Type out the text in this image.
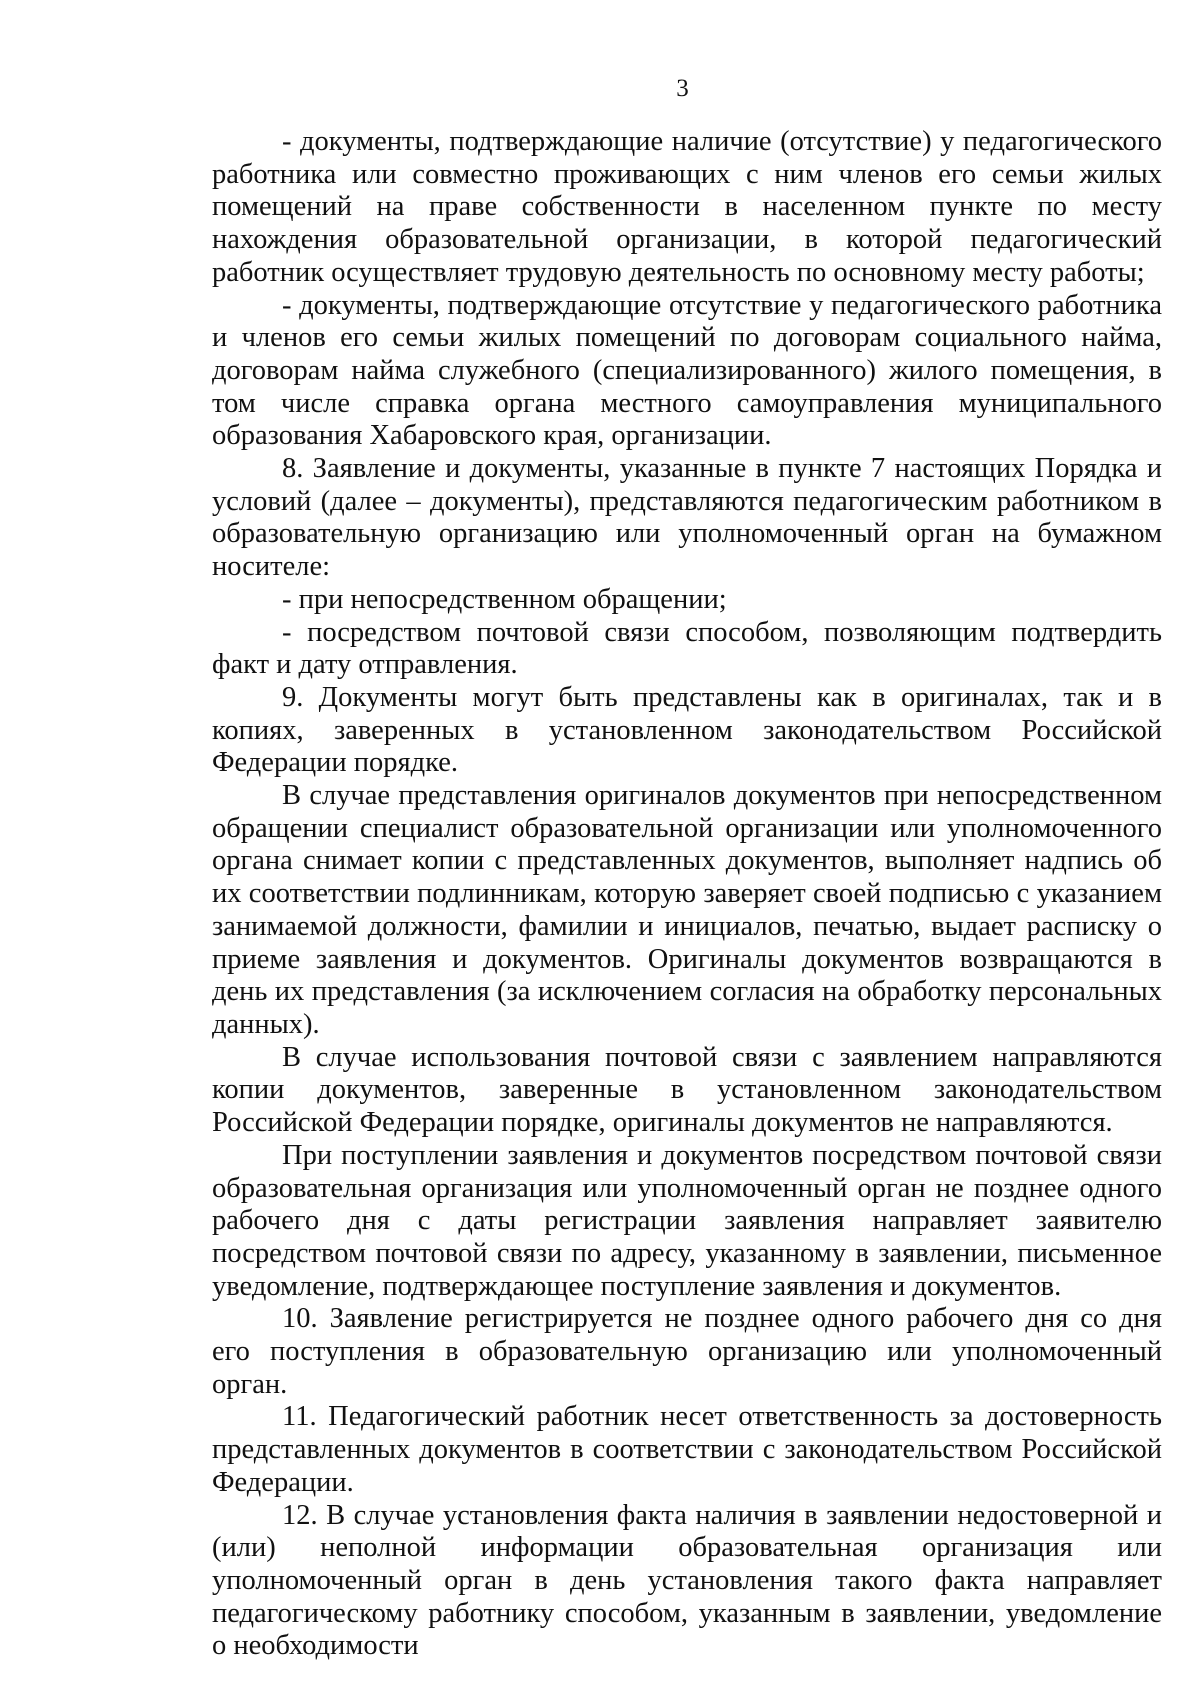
3

- документы, подтверждающие наличие (отсутствие) у педагогического работника или совместно проживающих с ним членов его семьи жилых помещений на праве собственности в населенном пункте по месту нахождения образовательной организации, в которой педагогический работник осуществляет трудовую деятельность по основному месту работы;

- документы, подтверждающие отсутствие у педагогического работника и членов его семьи жилых помещений по договорам социального найма, договорам найма служебного (специализированного) жилого помещения, в том числе справка органа местного самоуправления муниципального образования Хабаровского края, организации.

8. Заявление и документы, указанные в пункте 7 настоящих Порядка и условий (далее – документы), представляются педагогическим работником в образовательную организацию или уполномоченный орган на бумажном носителе:

- при непосредственном обращении;

- посредством почтовой связи способом, позволяющим подтвердить факт и дату отправления.

9. Документы могут быть представлены как в оригиналах, так и в копиях, заверенных в установленном законодательством Российской Федерации порядке.

В случае представления оригиналов документов при непосредственном обращении специалист образовательной организации или уполномоченного органа снимает копии с представленных документов, выполняет надпись об их соответствии подлинникам, которую заверяет своей подписью с указанием занимаемой должности, фамилии и инициалов, печатью, выдает расписку о приеме заявления и документов. Оригиналы документов возвращаются в день их представления (за исключением согласия на обработку персональных данных).

В случае использования почтовой связи с заявлением направляются копии документов, заверенные в установленном законодательством Российской Федерации порядке, оригиналы документов не направляются.

При поступлении заявления и документов посредством почтовой связи образовательная организация или уполномоченный орган не позднее одного рабочего дня с даты регистрации заявления направляет заявителю посредством почтовой связи по адресу, указанному в заявлении, письменное уведомление, подтверждающее поступление заявления и документов.

10. Заявление регистрируется не позднее одного рабочего дня со дня его поступления в образовательную организацию или уполномоченный орган.

11. Педагогический работник несет ответственность за достоверность представленных документов в соответствии с законодательством Российской Федерации.

12. В случае установления факта наличия в заявлении недостоверной и (или) неполной информации образовательная организация или уполномоченный орган в день установления такого факта направляет педагогическому работнику способом, указанным в заявлении, уведомление о необходимости
